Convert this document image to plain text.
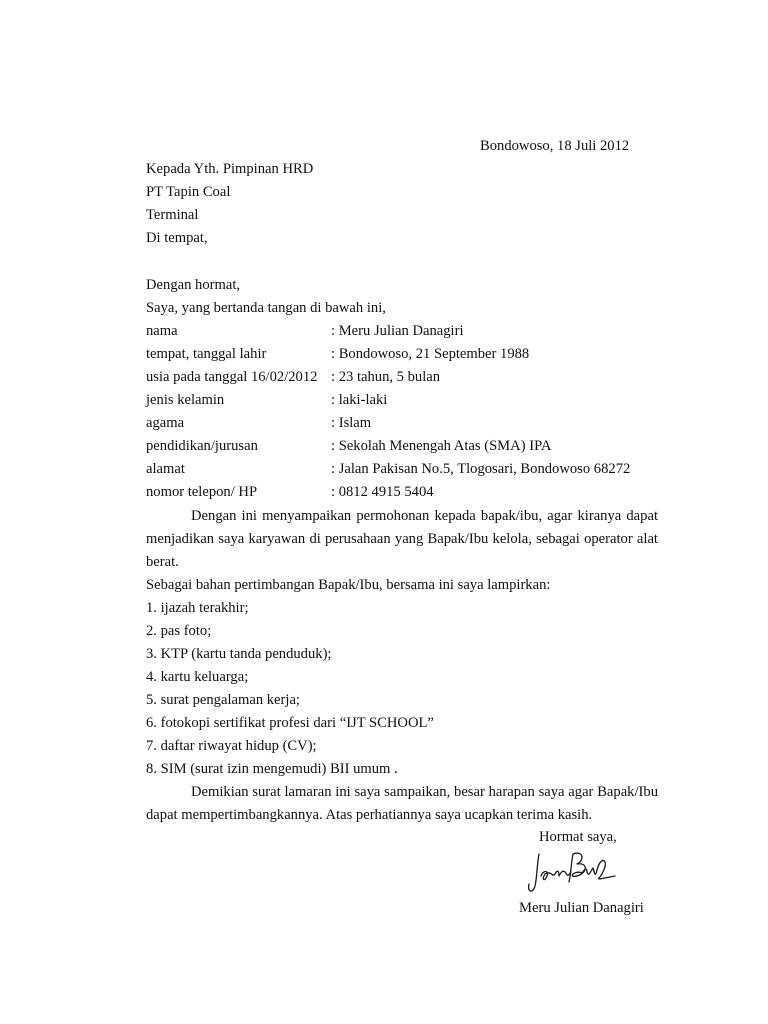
Bondowoso, 18 Juli 2012
Kepada Yth. Pimpinan HRD
PT Tapin Coal
Terminal
Di tempat,
Dengan hormat,
Saya, yang bertanda tangan di bawah ini,
nama	: Meru Julian Danagiri
tempat, tanggal lahir	: Bondowoso, 21 September 1988
usia pada tanggal 16/02/2012 : 23 tahun, 5 bulan
jenis kelamin	: laki-laki
agama	: Islam
pendidikan/jurusan	: Sekolah Menengah Atas (SMA) IPA
alamat	: Jalan Pakisan No.5, Tlogosari, Bondowoso 68272
nomor telepon/ HP	: 0812 4915 5404
Dengan ini menyampaikan permohonan kepada bapak/ibu, agar kiranya dapat
menjadikan saya karyawan di perusahaan yang Bapak/Ibu kelola, sebagai operator alat
berat.
Sebagai bahan pertimbangan Bapak/Ibu, bersama ini saya lampirkan:
1. ijazah terakhir;
2. pas foto;
3. KTP (kartu tanda penduduk);
4. kartu keluarga;
5. surat pengalaman kerja;
6. fotokopi sertifikat profesi dari “IJT SCHOOL”
7. daftar riwayat hidup (CV);
8. SIM (surat izin mengemudi) BII umum .
Demikian surat lamaran ini saya sampaikan, besar harapan saya agar Bapak/Ibu
dapat mempertimbangkannya. Atas perhatiannya saya ucapkan terima kasih.
Hormat saya,
Meru Julian Danagiri
